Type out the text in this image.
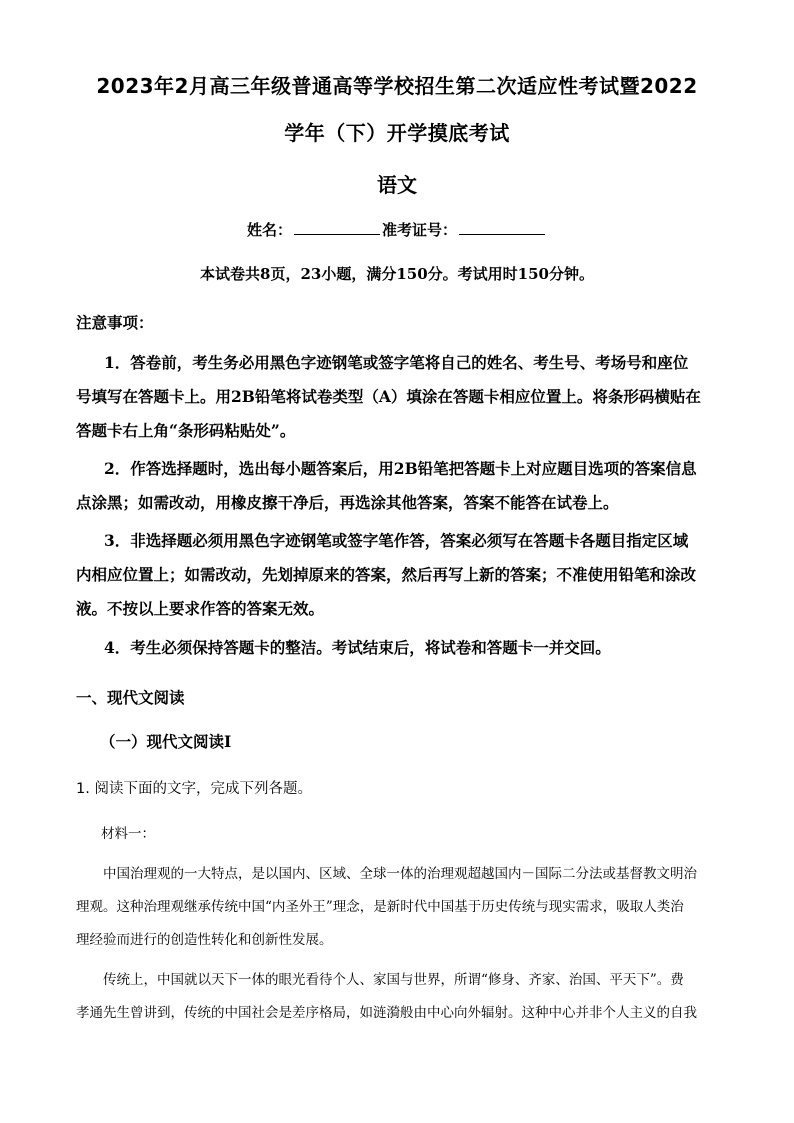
2023年2月高三年级普通高等学校招生第二次适应性考试暨2022
学年（下）开学摸底考试
语文
姓名：	准考证号：
本试卷共8页，23小题，满分150分。考试用时150分钟。
注意事项：
1．答卷前，考生务必用黑色字迹钢笔或签字笔将自己的姓名、考生号、考场号和座位
号填写在答题卡上。用2B铅笔将试卷类型（A）填涂在答题卡相应位置上。将条形码横贴在
答题卡右上角“条形码粘贴处”。
2．作答选择题时，选出每小题答案后，用2B铅笔把答题卡上对应题目选项的答案信息
点涂黑；如需改动，用橡皮擦干净后，再选涂其他答案，答案不能答在试卷上。
3．非选择题必须用黑色字迹钢笔或签字笔作答，答案必须写在答题卡各题目指定区域
内相应位置上；如需改动，先划掉原来的答案，然后再写上新的答案；不准使用铅笔和涂改
液。不按以上要求作答的答案无效。
4．考生必须保持答题卡的整洁。考试结束后，将试卷和答题卡一并交回。
一、现代文阅读
（一）现代文阅读Ⅰ
1. 阅读下面的文字，完成下列各题。
材料一：
中国治理观的一大特点，是以国内、区域、全球一体的治理观超越国内－国际二分法或基督教文明治
理观。这种治理观继承传统中国“内圣外王”理念，是新时代中国基于历史传统与现实需求，吸取人类治
理经验而进行的创造性转化和创新性发展。
传统上，中国就以天下一体的眼光看待个人、家国与世界，所谓“修身、齐家、治国、平天下”。费
孝通先生曾讲到，传统的中国社会是差序格局，如涟漪般由中心向外辐射。这种中心并非个人主义的自我
